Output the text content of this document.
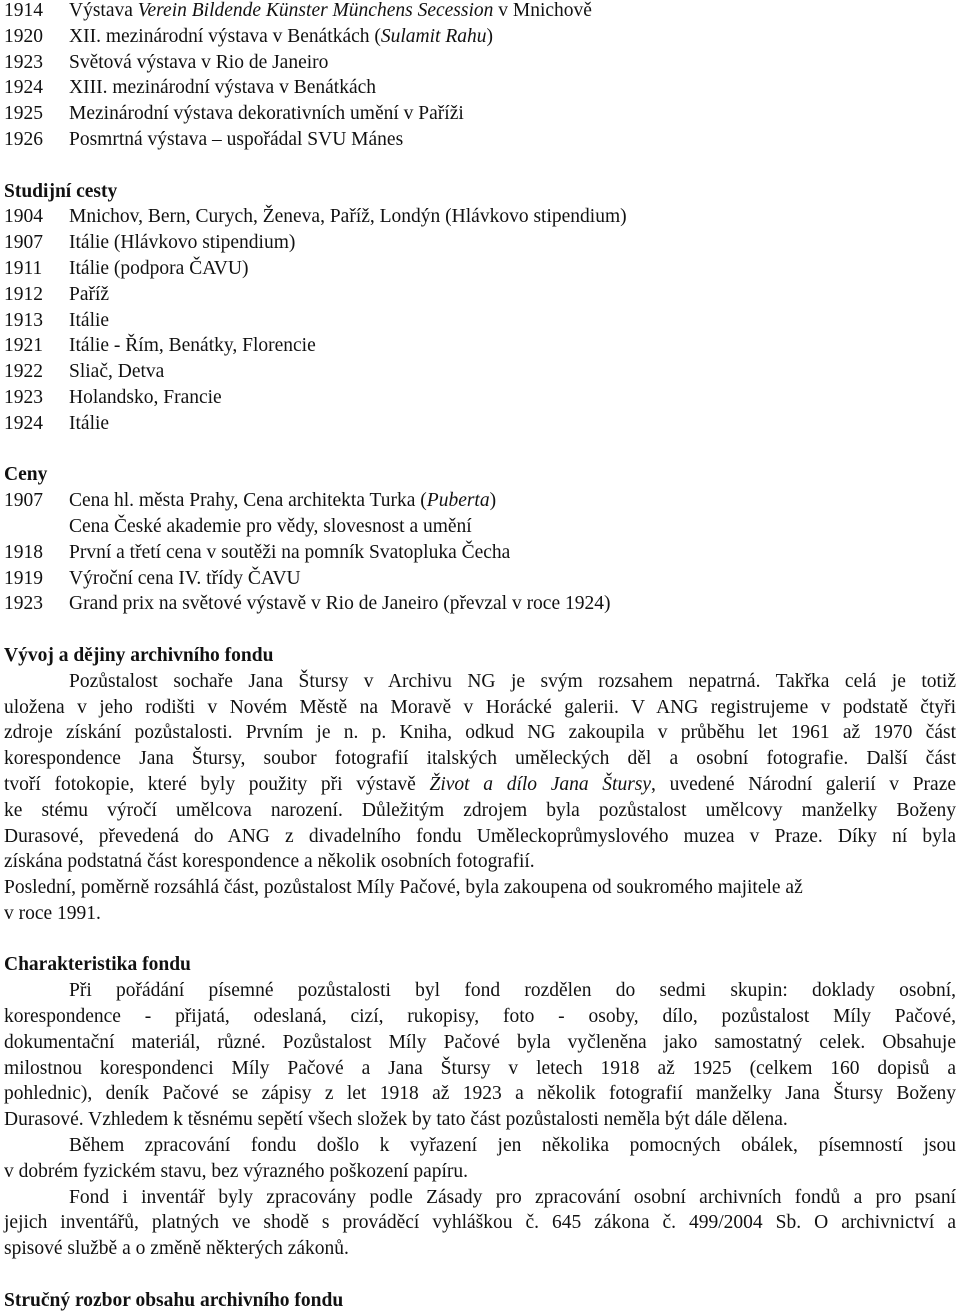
1914	Výstava Verein Bildende Künster Münchens Secession v Mnichově
1920	XII. mezinárodní výstava v Benátkách (Sulamit Rahu)
1923	Světová výstava v Rio de Janeiro
1924	XIII. mezinárodní výstava v Benátkách
1925	Mezinárodní výstava dekorativních umění v Paříži
1926	Posmrtná výstava – uspořádal SVU Mánes
Studijní cesty
1904	Mnichov, Bern, Curych, Ženeva, Paříž, Londýn (Hlávkovo stipendium)
1907	Itálie (Hlávkovo stipendium)
1911	Itálie (podpora ČAVU)
1912	Paříž
1913	Itálie
1921	Itálie - Řím, Benátky, Florencie
1922	Sliač, Detva
1923	Holandsko, Francie
1924	Itálie
Ceny
1907	Cena hl. města Prahy, Cena architekta Turka (Puberta)
Cena České akademie pro vědy, slovesnost a umění
1918	První a třetí cena v soutěži na pomník Svatopluka Čecha
1919	Výroční cena IV. třídy ČAVU
1923	Grand prix na světové výstavě v Rio de Janeiro (převzal v roce 1924)
Vývoj a dějiny archivního fondu
Pozůstalost sochaře Jana Štursy v Archivu NG je svým rozsahem nepatrná. Takřka celá je totiž
uložena v jeho rodišti v Novém Městě na Moravě v Horácké galerii. V ANG registrujeme v podstatě čtyři
zdroje získání pozůstalosti. Prvním je n. p. Kniha, odkud NG zakoupila v průběhu let 1961 až 1970 část
korespondence Jana Štursy, soubor fotografií italských uměleckých děl a osobní fotografie. Další část
tvoří fotokopie, které byly použity při výstavě Život a dílo Jana Štursy, uvedené Národní galerií v Praze
ke stému výročí umělcova narození. Důležitým zdrojem byla pozůstalost umělcovy manželky Boženy
Durasové, převedená do ANG z divadelního fondu Uměleckoprůmyslového muzea v Praze. Díky ní byla
získána podstatná část korespondence a několik osobních fotografií.
Poslední, poměrně rozsáhlá část, pozůstalost Míly Pačové, byla zakoupena od soukromého majitele až
v roce 1991.
Charakteristika fondu
Při pořádání písemné pozůstalosti byl fond rozdělen do sedmi skupin: doklady osobní,
korespondence - přijatá, odeslaná, cizí, rukopisy, foto - osoby, dílo, pozůstalost Míly Pačové,
dokumentační materiál, různé. Pozůstalost Míly Pačové byla vyčleněna jako samostatný celek. Obsahuje
milostnou korespondenci Míly Pačové a Jana Štursy v letech 1918 až 1925 (celkem 160 dopisů a
pohlednic), deník Pačové se zápisy z let 1918 až 1923 a několik fotografií manželky Jana Štursy Boženy
Durasové. Vzhledem k těsnému sepětí všech složek by tato část pozůstalosti neměla být dále dělena.
Během zpracování fondu došlo k vyřazení jen několika pomocných obálek, písemností jsou
v dobrém fyzickém stavu, bez výrazného poškození papíru.
Fond i inventář byly zpracovány podle Zásady pro zpracování osobní archivních fondů a pro psaní
jejich inventářů, platných ve shodě s prováděcí vyhláškou č. 645 zákona č. 499/2004 Sb. O archivnictví a
spisové službě a o změně některých zákonů.
Stručný rozbor obsahu archivního fondu
